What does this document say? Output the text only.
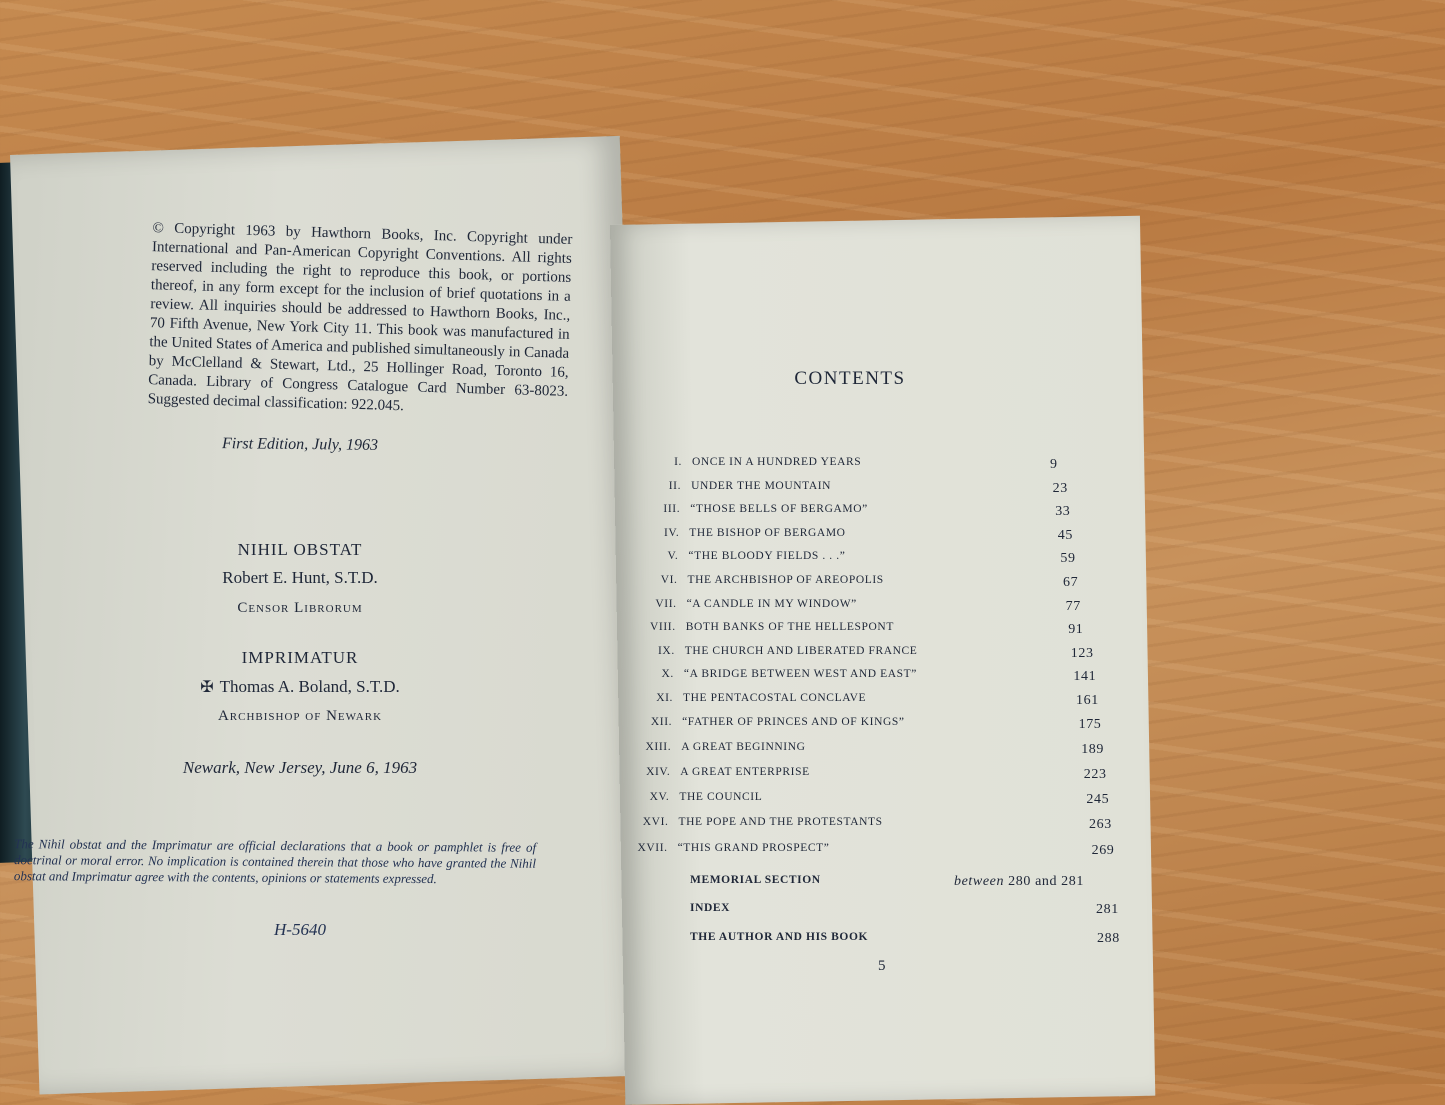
© Copyright 1963 by Hawthorn Books, Inc. Copyright under International and Pan-American Copyright Conventions. All rights reserved including the right to reproduce this book, or portions thereof, in any form except for the inclusion of brief quotations in a review. All inquiries should be addressed to Hawthorn Books, Inc., 70 Fifth Avenue, New York City 11. This book was manufactured in the United States of America and published simultaneously in Canada by McClelland & Stewart, Ltd., 25 Hollinger Road, Toronto 16, Canada. Library of Congress Catalogue Card Number 63-8023. Suggested decimal classification: 922.045.
First Edition, July, 1963
NIHIL OBSTAT
Robert E. Hunt, S.T.D.
Censor Librorum
IMPRIMATUR
✠ Thomas A. Boland, S.T.D.
Archbishop of Newark
Newark, New Jersey, June 6, 1963
The Nihil obstat and the Imprimatur are official declarations that a book or pamphlet is free of doctrinal or moral error. No implication is contained therein that those who have granted the Nihil obstat and Imprimatur agree with the contents, opinions or statements expressed.
H-5640
CONTENTS
I. ONCE IN A HUNDRED YEARS	9
II. UNDER THE MOUNTAIN	23
III. “THOSE BELLS OF BERGAMO”	33
IV. THE BISHOP OF BERGAMO	45
V. “THE BLOODY FIELDS . . .”	59
VI. THE ARCHBISHOP OF AREOPOLIS	67
VII. “A CANDLE IN MY WINDOW”	77
VIII. BOTH BANKS OF THE HELLESPONT	91
IX. THE CHURCH AND LIBERATED FRANCE	123
X. “A BRIDGE BETWEEN WEST AND EAST”	141
XI. THE PENTACOSTAL CONCLAVE	161
XII. “FATHER OF PRINCES AND OF KINGS”	175
XIII. A GREAT BEGINNING	189
XIV. A GREAT ENTERPRISE	223
XV. THE COUNCIL	245
XVI. THE POPE AND THE PROTESTANTS	263
XVII. “THIS GRAND PROSPECT”	269
MEMORIAL SECTION	between 280 and 281
INDEX	281
THE AUTHOR AND HIS BOOK	288
5
